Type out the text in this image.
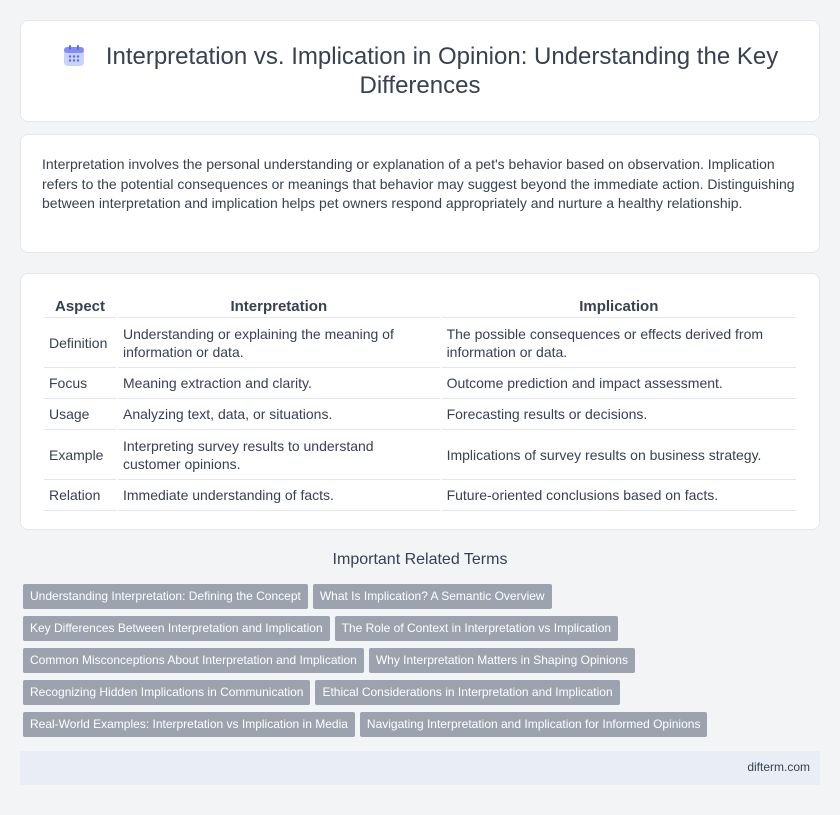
Interpretation vs. Implication in Opinion: Understanding the Key Differences

Interpretation involves the personal understanding or explanation of a pet's behavior based on observation. Implication refers to the potential consequences or meanings that behavior may suggest beyond the immediate action. Distinguishing between interpretation and implication helps pet owners respond appropriately and nurture a healthy relationship.

Aspect	Interpretation	Implication
Definition	Understanding or explaining the meaning of information or data.	The possible consequences or effects derived from information or data.
Focus	Meaning extraction and clarity.	Outcome prediction and impact assessment.
Usage	Analyzing text, data, or situations.	Forecasting results or decisions.
Example	Interpreting survey results to understand customer opinions.	Implications of survey results on business strategy.
Relation	Immediate understanding of facts.	Future-oriented conclusions based on facts.
Important Related Terms
Understanding Interpretation: Defining the Concept What Is Implication? A Semantic Overview
Key Differences Between Interpretation and Implication The Role of Context in Interpretation vs Implication
Common Misconceptions About Interpretation and Implication Why Interpretation Matters in Shaping Opinions
Recognizing Hidden Implications in Communication Ethical Considerations in Interpretation and Implication
Real-World Examples: Interpretation vs Implication in Media Navigating Interpretation and Implication for Informed Opinions
difterm.com
